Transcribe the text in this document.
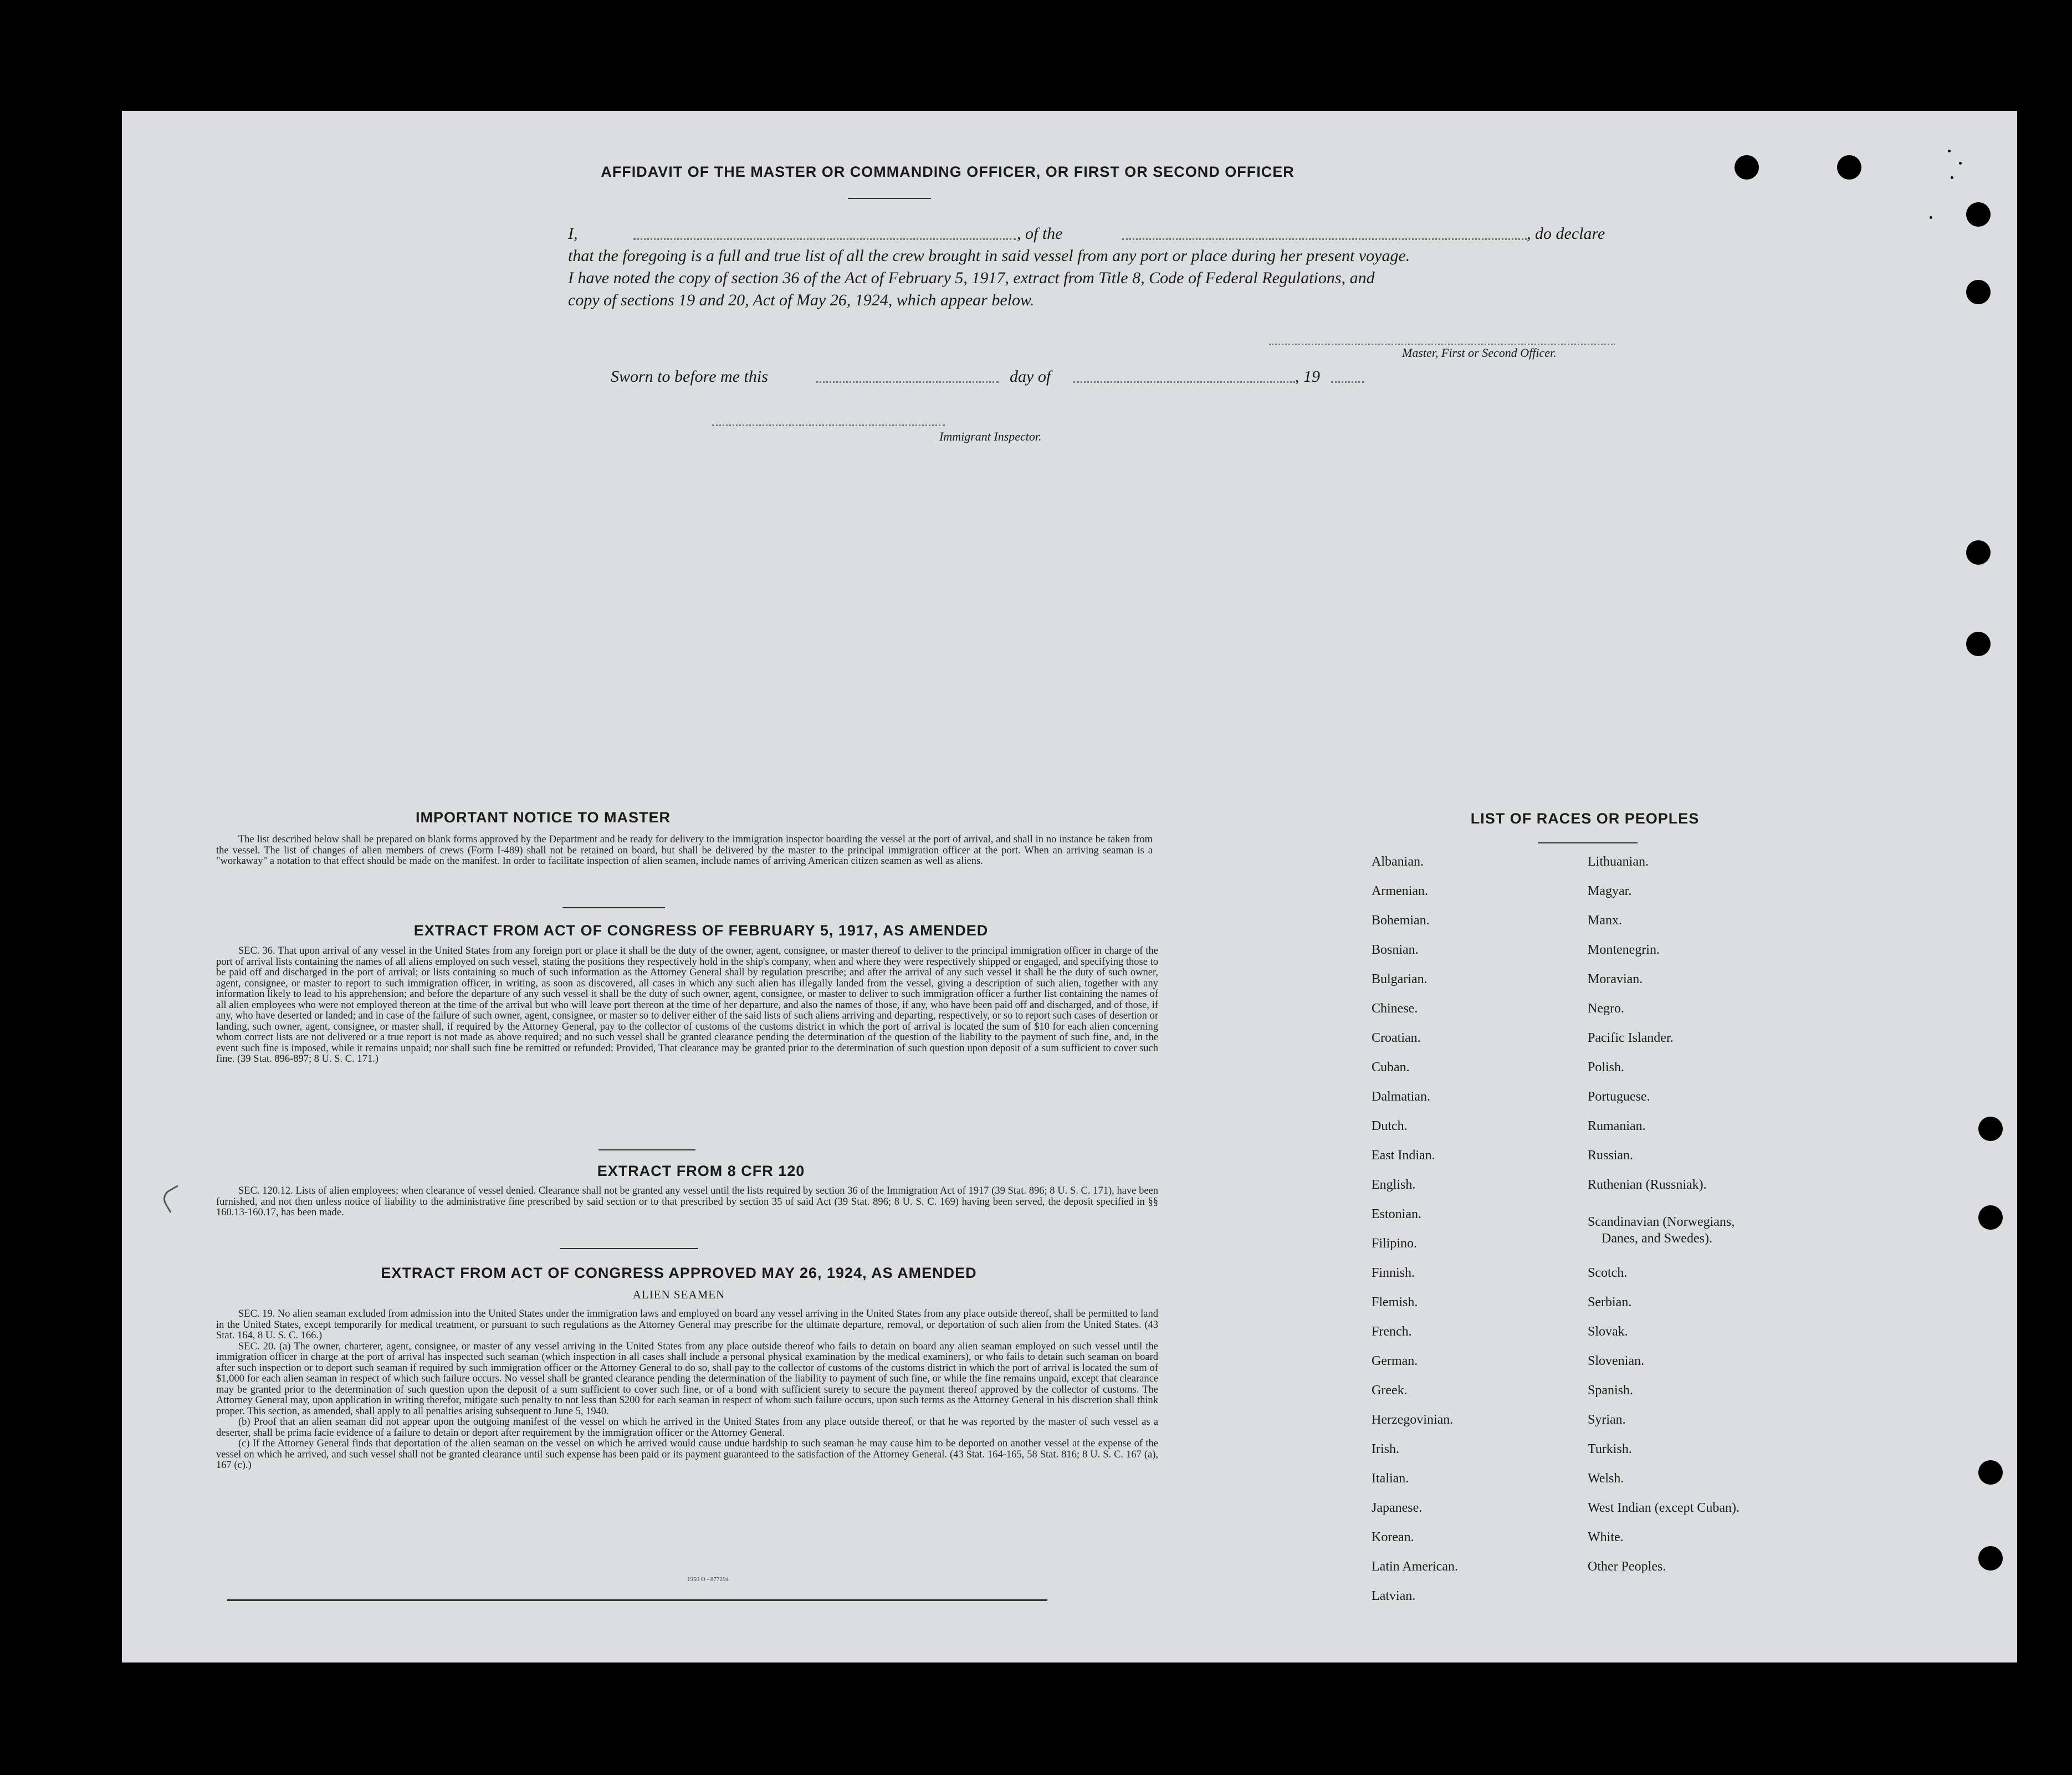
AFFIDAVIT OF THE MASTER OR COMMANDING OFFICER, OR FIRST OR SECOND OFFICER
I,	, of the	, do declare
that the foregoing is a full and true list of all the crew brought in said vessel from any port or place during her present voyage.
I have noted the copy of section 36 of the Act of February 5, 1917, extract from Title 8, Code of Federal Regulations, and
copy of sections 19 and 20, Act of May 26, 1924, which appear below.
Master, First or Second Officer.
Sworn to before me this	day of	, 19
Immigrant Inspector.
IMPORTANT NOTICE TO MASTER

The list described below shall be prepared on blank forms approved by the Department and be ready for delivery to the immigration inspector boarding the vessel at the port of arrival, and shall in no instance be taken from the vessel. The list of changes of alien members of crews (Form I-489) shall not be retained on board, but shall be delivered by the master to the principal immigration officer at the port. When an arriving seaman is a "workaway" a notation to that effect should be made on the manifest. In order to facilitate inspection of alien seamen, include names of arriving American citizen seamen as well as aliens.

EXTRACT FROM ACT OF CONGRESS OF FEBRUARY 5, 1917, AS AMENDED

SEC. 36. That upon arrival of any vessel in the United States from any foreign port or place it shall be the duty of the owner, agent, consignee, or master thereof to deliver to the principal immigration officer in charge of the port of arrival lists containing the names of all aliens employed on such vessel, stating the positions they respectively hold in the ship's company, when and where they were respectively shipped or engaged, and specifying those to be paid off and discharged in the port of arrival; or lists containing so much of such information as the Attorney General shall by regulation prescribe; and after the arrival of any such vessel it shall be the duty of such owner, agent, consignee, or master to report to such immigration officer, in writing, as soon as discovered, all cases in which any such alien has illegally landed from the vessel, giving a description of such alien, together with any information likely to lead to his apprehension; and before the departure of any such vessel it shall be the duty of such owner, agent, consignee, or master to deliver to such immigration officer a further list containing the names of all alien employees who were not employed thereon at the time of the arrival but who will leave port thereon at the time of her departure, and also the names of those, if any, who have been paid off and discharged, and of those, if any, who have deserted or landed; and in case of the failure of such owner, agent, consignee, or master so to deliver either of the said lists of such aliens arriving and departing, respectively, or so to report such cases of desertion or landing, such owner, agent, consignee, or master shall, if required by the Attorney General, pay to the collector of customs of the customs district in which the port of arrival is located the sum of $10 for each alien concerning whom correct lists are not delivered or a true report is not made as above required; and no such vessel shall be granted clearance pending the determination of the question of the liability to the payment of such fine, and, in the event such fine is imposed, while it remains unpaid; nor shall such fine be remitted or refunded: Provided, That clearance may be granted prior to the determination of such question upon deposit of a sum sufficient to cover such fine. (39 Stat. 896-897; 8 U. S. C. 171.)

EXTRACT FROM 8 CFR 120

SEC. 120.12. Lists of alien employees; when clearance of vessel denied. Clearance shall not be granted any vessel until the lists required by section 36 of the Immigration Act of 1917 (39 Stat. 896; 8 U. S. C. 171), have been furnished, and not then unless notice of liability to the administrative fine prescribed by said section or to that prescribed by section 35 of said Act (39 Stat. 896; 8 U. S. C. 169) having been served, the deposit specified in §§ 160.13-160.17, has been made.

EXTRACT FROM ACT OF CONGRESS APPROVED MAY 26, 1924, AS AMENDED
ALIEN SEAMEN

SEC. 19. No alien seaman excluded from admission into the United States under the immigration laws and employed on board any vessel arriving in the United States from any place outside thereof, shall be permitted to land in the United States, except temporarily for medical treatment, or pursuant to such regulations as the Attorney General may prescribe for the ultimate departure, removal, or deportation of such alien from the United States. (43 Stat. 164, 8 U. S. C. 166.)

SEC. 20. (a) The owner, charterer, agent, consignee, or master of any vessel arriving in the United States from any place outside thereof who fails to detain on board any alien seaman employed on such vessel until the immigration officer in charge at the port of arrival has inspected such seaman (which inspection in all cases shall include a personal physical examination by the medical examiners), or who fails to detain such seaman on board after such inspection or to deport such seaman if required by such immigration officer or the Attorney General to do so, shall pay to the collector of customs of the customs district in which the port of arrival is located the sum of $1,000 for each alien seaman in respect of which such failure occurs. No vessel shall be granted clearance pending the determination of the liability to payment of such fine, or while the fine remains unpaid, except that clearance may be granted prior to the determination of such question upon the deposit of a sum sufficient to cover such fine, or of a bond with sufficient surety to secure the payment thereof approved by the collector of customs. The Attorney General may, upon application in writing therefor, mitigate such penalty to not less than $200 for each seaman in respect of whom such failure occurs, upon such terms as the Attorney General in his discretion shall think proper. This section, as amended, shall apply to all penalties arising subsequent to June 5, 1940.

(b) Proof that an alien seaman did not appear upon the outgoing manifest of the vessel on which he arrived in the United States from any place outside thereof, or that he was reported by the master of such vessel as a deserter, shall be prima facie evidence of a failure to detain or deport after requirement by the immigration officer or the Attorney General.

(c) If the Attorney General finds that deportation of the alien seaman on the vessel on which he arrived would cause undue hardship to such seaman he may cause him to be deported on another vessel at the expense of the vessel on which he arrived, and such vessel shall not be granted clearance until such expense has been paid or its payment guaranteed to the satisfaction of the Attorney General. (43 Stat. 164-165, 58 Stat. 816; 8 U. S. C. 167 (a), 167 (c).)

1950 O - 877294
LIST OF RACES OR PEOPLES
Albanian.
Armenian.
Bohemian.
Bosnian.
Bulgarian.
Chinese.
Croatian.
Cuban.
Dalmatian.
Dutch.
East Indian.
English.
Estonian.
Filipino.
Finnish.
Flemish.
French.
German.
Greek.
Herzegovinian.
Irish.
Italian.
Japanese.
Korean.
Latin American.
Latvian.
Lithuanian.
Magyar.
Manx.
Montenegrin.
Moravian.
Negro.
Pacific Islander.
Polish.
Portuguese.
Rumanian.
Russian.
Ruthenian (Russniak).
Scandinavian (Norwegians,
Danes, and Swedes).
Scotch.
Serbian.
Slovak.
Slovenian.
Spanish.
Syrian.
Turkish.
Welsh.
West Indian (except Cuban).
White.
Other Peoples.
